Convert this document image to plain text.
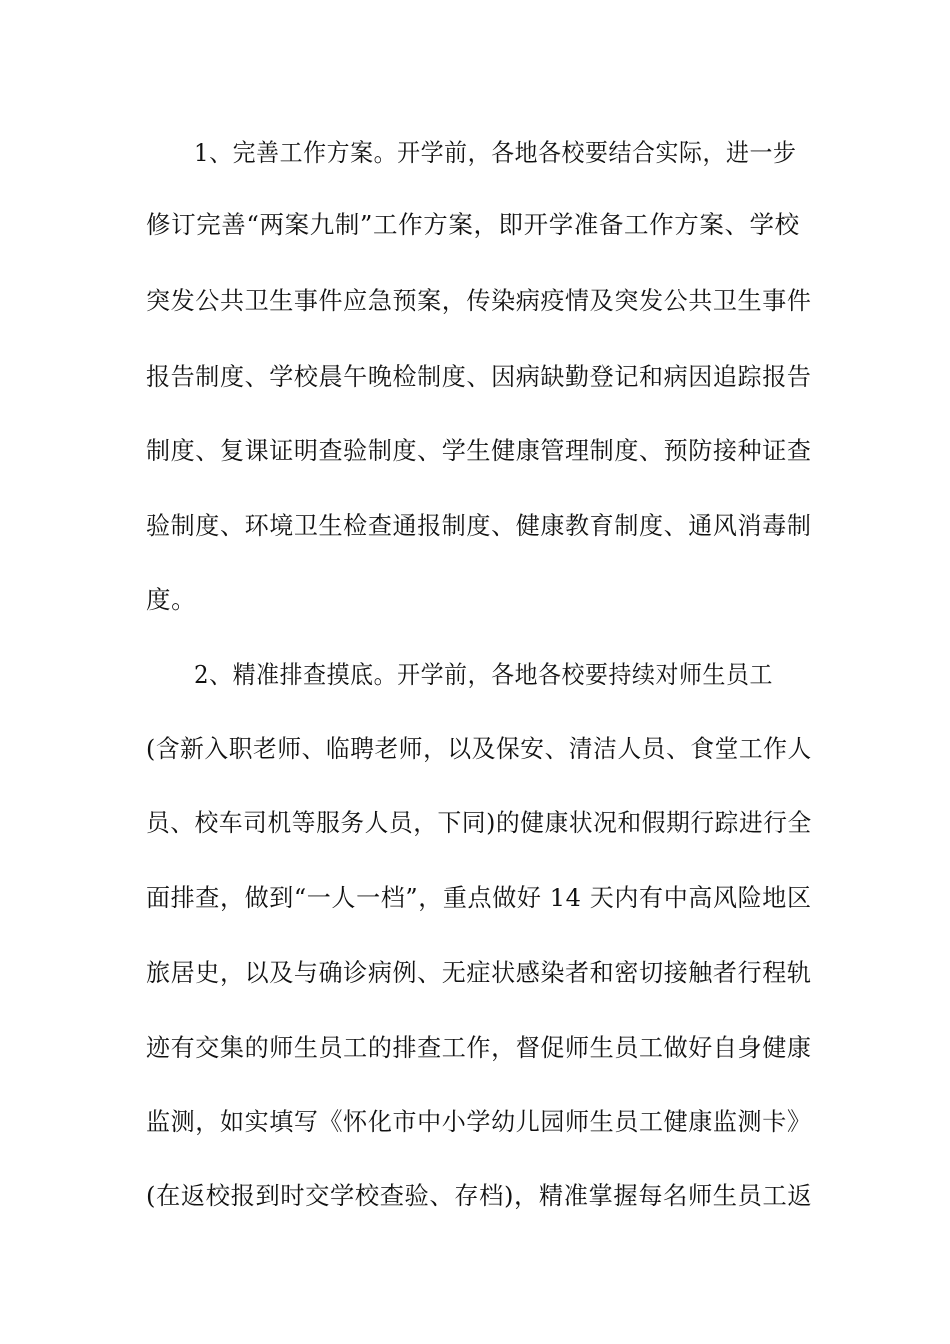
1、完善工作方案。开学前，各地各校要结合实际，进一步
修订完善“两案九制”工作方案，即开学准备工作方案、学校
突发公共卫生事件应急预案，传染病疫情及突发公共卫生事件
报告制度、学校晨午晚检制度、因病缺勤登记和病因追踪报告
制度、复课证明查验制度、学生健康管理制度、预防接种证查
验制度、环境卫生检查通报制度、健康教育制度、通风消毒制
度。
2、精准排查摸底。开学前，各地各校要持续对师生员工
(含新入职老师、临聘老师，以及保安、清洁人员、食堂工作人
员、校车司机等服务人员，下同)的健康状况和假期行踪进行全
面排查，做到“一人一档”，重点做好 14 天内有中高风险地区
旅居史，以及与确诊病例、无症状感染者和密切接触者行程轨
迹有交集的师生员工的排查工作，督促师生员工做好自身健康
监测，如实填写《怀化市中小学幼儿园师生员工健康监测卡》
(在返校报到时交学校查验、存档)，精准掌握每名师生员工返
